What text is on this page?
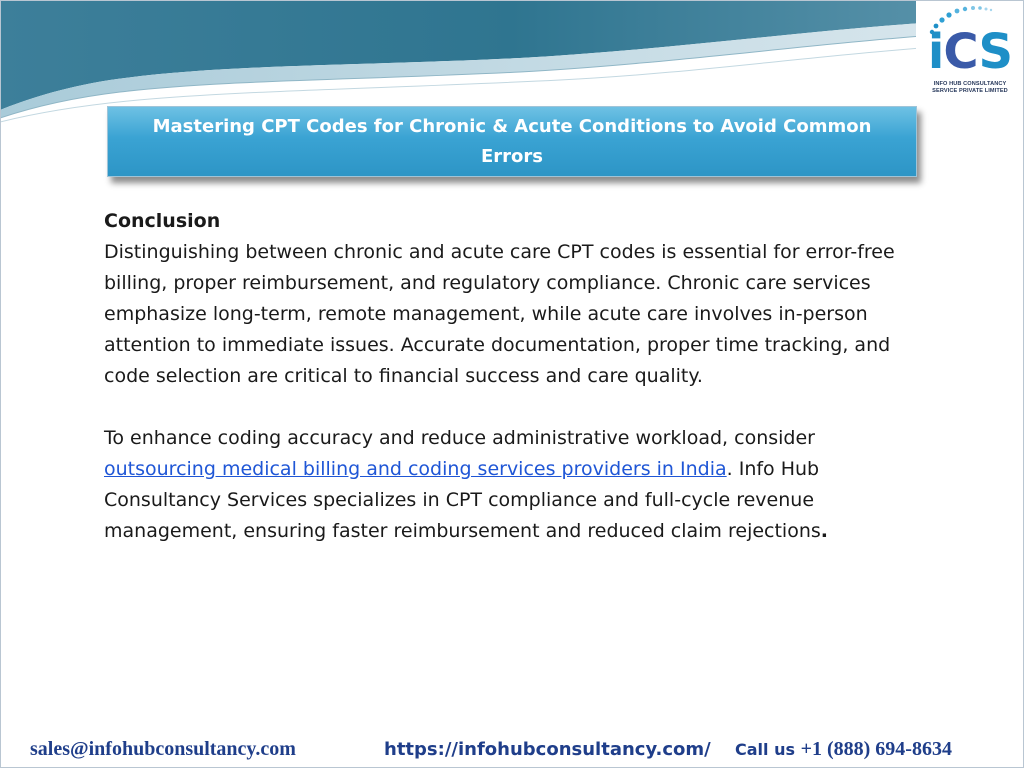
iCS
INFO HUB CONSULTANCY
SERVICE PRIVATE LIMITED
Mastering CPT Codes for Chronic & Acute Conditions to Avoid Common
Errors
Conclusion

Distinguishing between chronic and acute care CPT codes is essential for error-free billing, proper reimbursement, and regulatory compliance. Chronic care services emphasize long-term, remote management, while acute care involves in-person attention to immediate issues. Accurate documentation, proper time tracking, and code selection are critical to financial success and care quality.

To enhance coding accuracy and reduce administrative workload, consider outsourcing medical billing and coding services providers in India. Info Hub Consultancy Services specializes in CPT compliance and full-cycle revenue management, ensuring faster reimbursement and reduced claim rejections.

sales@infohubconsultancy.com	https://infohubconsultancy.com/ Call us +1 (888) 694-8634
